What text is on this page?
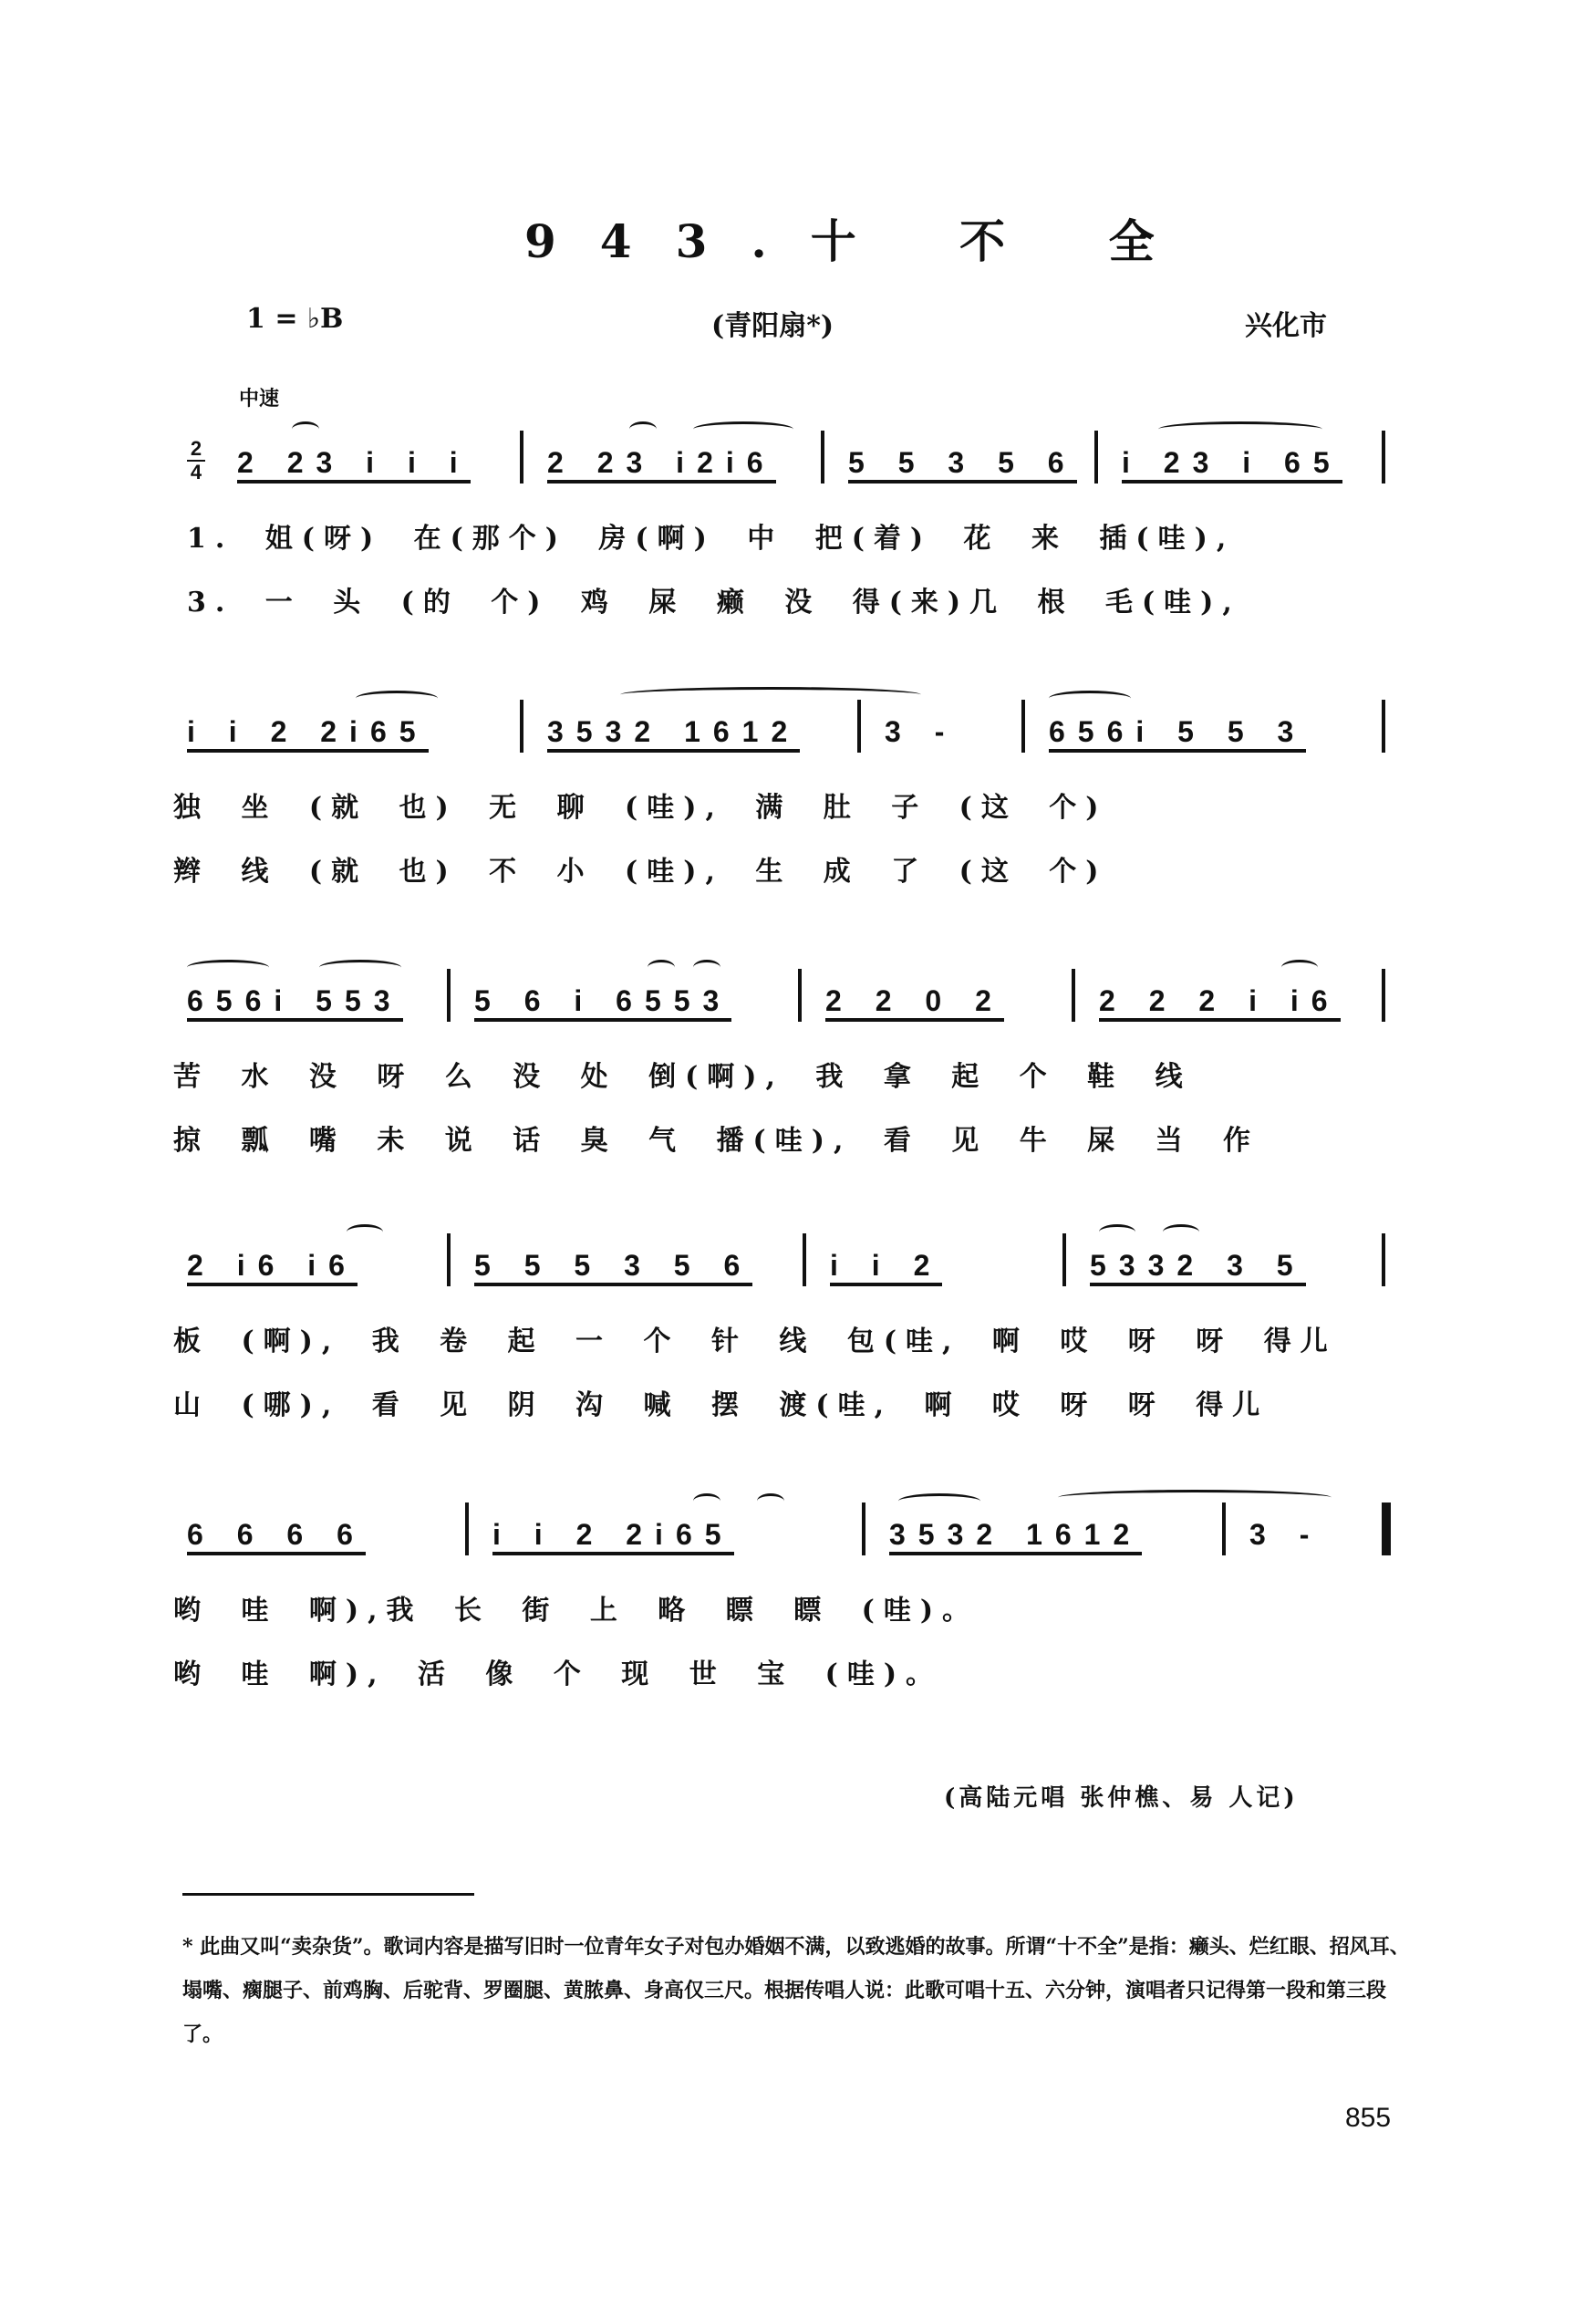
943.十 不 全
1 = ♭B	(青阳扇*)	兴化市
中速
2
4 2 23 i i i	2 23 i2i6 5 5 3 5 6 i 23 i 65
1. 姐(呀) 在(那个) 房(啊) 中 把(着) 花 来 插(哇),
3. 一 头 (的 个) 鸡 屎 癞 没 得(来)几 根 毛(哇),
i i 2 2i65	3532 1612	3 -	656i 5 5 3
独 坐 (就 也) 无 聊 (哇), 满 肚 子 (这 个)
辫 线 (就 也) 不 小 (哇), 生 成 了 (这 个)
656i 553 5 6 i 6553	2 2 0 2	2 2 2 i i6
苦 水 没 呀 么 没 处 倒(啊), 我 拿 起 个 鞋 线
掠 瓢 嘴 未 说 话 臭 气 播(哇), 看 见 牛 屎 当 作
2 i6 i6	5 5 5 3 5 6	i i 2	5332 3 5
板 (啊), 我 卷 起 一 个 针 线 包(哇, 啊 哎 呀 呀 得儿
山 (哪), 看 见 阴 沟 喊 摆 渡(哇, 啊 哎 呀 呀 得儿
6 6 6 6	i i 2 2i65	3532 1612	3 -
哟 哇 啊),我 长 街 上 略 瞟 瞟 (哇)。
哟 哇 啊), 活 像 个 现 世 宝 (哇)。
(高陆元唱 张仲樵、易 人记)
* 此曲又叫“卖杂货”。歌词内容是描写旧时一位青年女子对包办婚姻不满，以致逃婚的故事。所谓“十不全”是指：癞头、烂红眼、招风耳、塌嘴、瘸腿子、前鸡胸、后驼背、罗圈腿、黄脓鼻、身高仅三尺。根据传唱人说：此歌可唱十五、六分钟，演唱者只记得第一段和第三段了。
855
